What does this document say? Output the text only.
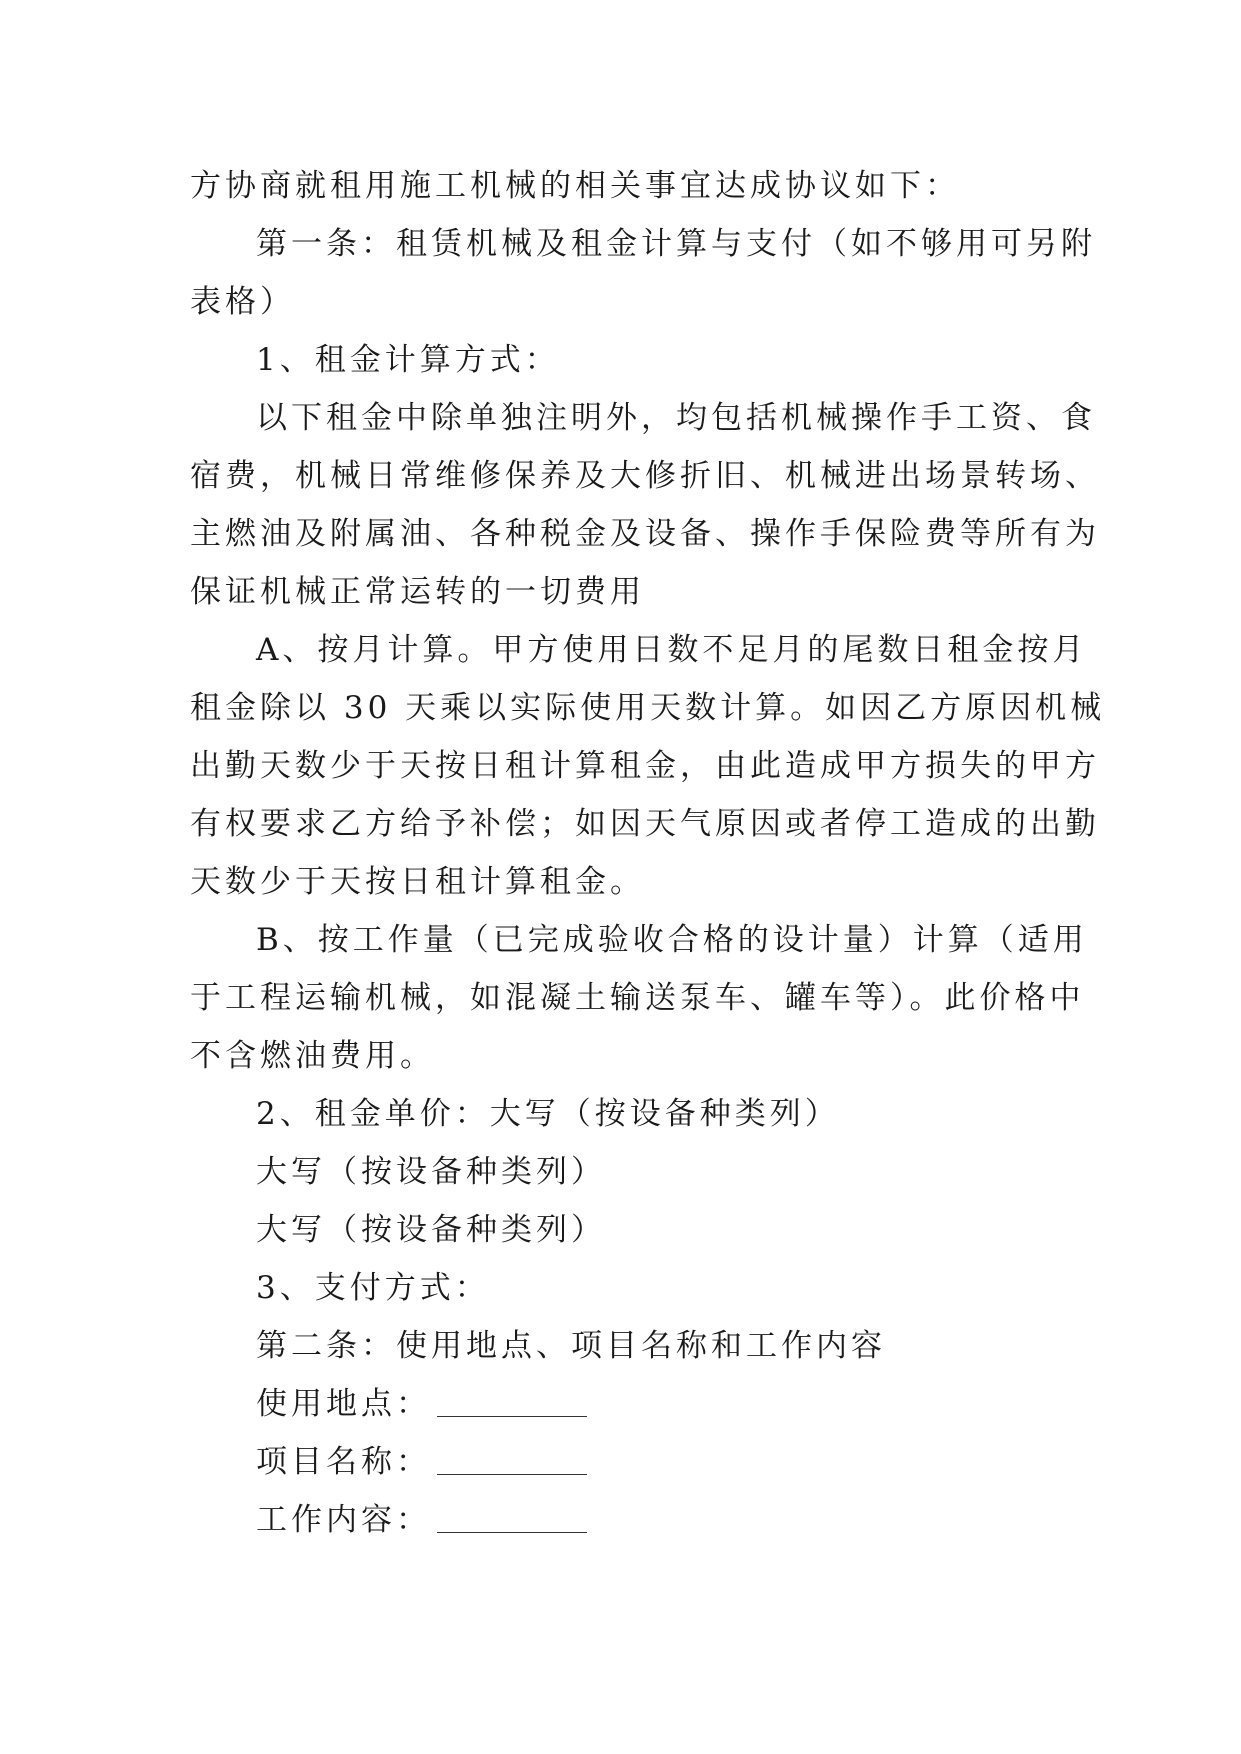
方协商就租用施工机械的相关事宜达成协议如下：
第一条：租赁机械及租金计算与支付（如不够用可另附
表格）
1、租金计算方式：
以下租金中除单独注明外，均包括机械操作手工资、食
宿费，机械日常维修保养及大修折旧、机械进出场景转场、
主燃油及附属油、各种税金及设备、操作手保险费等所有为
保证机械正常运转的一切费用
A、按月计算。甲方使用日数不足月的尾数日租金按月
租金除以 30 天乘以实际使用天数计算。如因乙方原因机械
出勤天数少于天按日租计算租金，由此造成甲方损失的甲方
有权要求乙方给予补偿；如因天气原因或者停工造成的出勤
天数少于天按日租计算租金。
B、按工作量（已完成验收合格的设计量）计算（适用
于工程运输机械，如混凝土输送泵车、罐车等）。此价格中
不含燃油费用。
2、租金单价：大写（按设备种类列）
大写（按设备种类列）
大写（按设备种类列）
3、支付方式：
第二条：使用地点、项目名称和工作内容
使用地点：
项目名称：
工作内容：
